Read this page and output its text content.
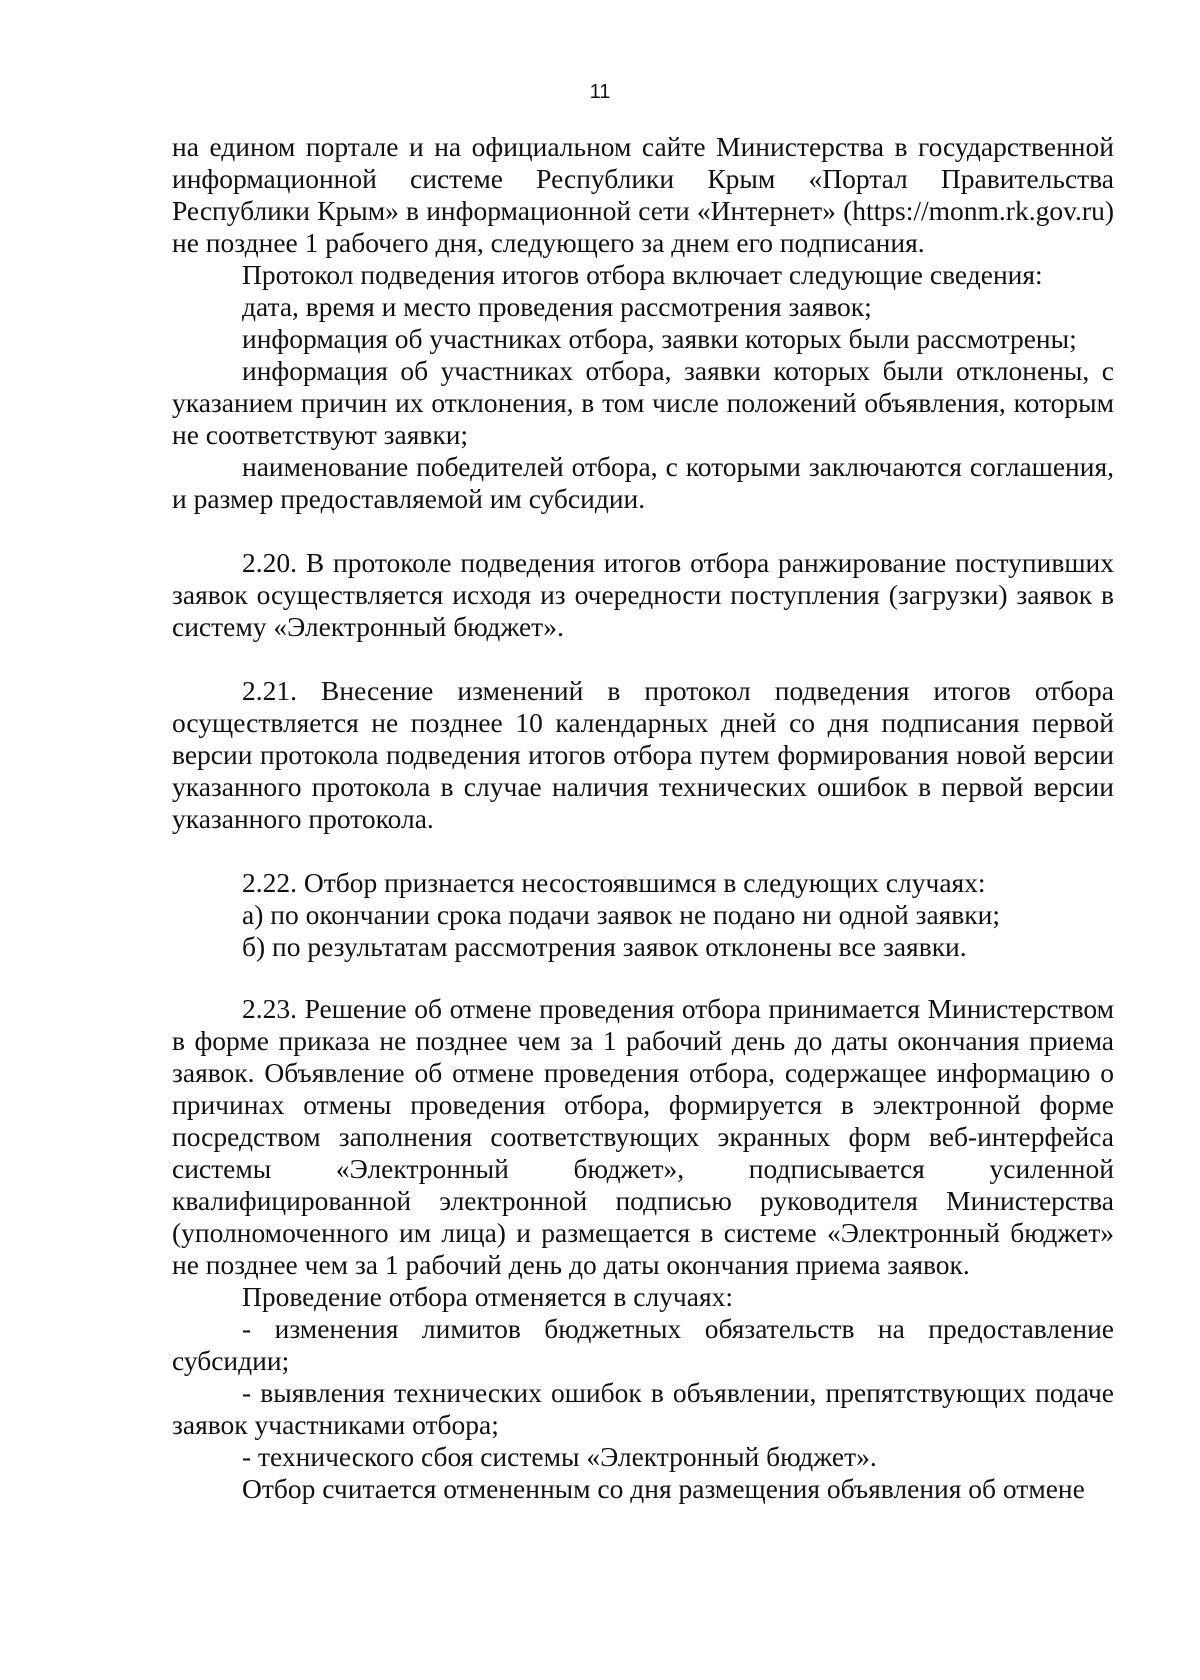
11

на едином портале и на официальном сайте Министерства в государственной информационной системе Республики Крым «Портал Правительства Республики Крым» в информационной сети «Интернет» (https://monm.rk.gov.ru) не позднее 1 рабочего дня, следующего за днем его подписания.

Протокол подведения итогов отбора включает следующие сведения:

дата, время и место проведения рассмотрения заявок;

информация об участниках отбора, заявки которых были рассмотрены;

информация об участниках отбора, заявки которых были отклонены, с указанием причин их отклонения, в том числе положений объявления, которым не соответствуют заявки;

наименование победителей отбора, с которыми заключаются соглашения, и размер предоставляемой им субсидии.

2.20. В протоколе подведения итогов отбора ранжирование поступивших заявок осуществляется исходя из очередности поступления (загрузки) заявок в систему «Электронный бюджет».

2.21. Внесение изменений в протокол подведения итогов отбора осуществляется не позднее 10 календарных дней со дня подписания первой версии протокола подведения итогов отбора путем формирования новой версии указанного протокола в случае наличия технических ошибок в первой версии указанного протокола.

2.22. Отбор признается несостоявшимся в следующих случаях:

а) по окончании срока подачи заявок не подано ни одной заявки;

б) по результатам рассмотрения заявок отклонены все заявки.

2.23. Решение об отмене проведения отбора принимается Министерством в форме приказа не позднее чем за 1 рабочий день до даты окончания приема заявок. Объявление об отмене проведения отбора, содержащее информацию о причинах отмены проведения отбора, формируется в электронной форме посредством заполнения соответствующих экранных форм веб-интерфейса системы «Электронный бюджет», подписывается усиленной квалифицированной электронной подписью руководителя Министерства (уполномоченного им лица) и размещается в системе «Электронный бюджет» не позднее чем за 1 рабочий день до даты окончания приема заявок.

Проведение отбора отменяется в случаях:

- изменения лимитов бюджетных обязательств на предоставление субсидии;

- выявления технических ошибок в объявлении, препятствующих подаче заявок участниками отбора;

- технического сбоя системы «Электронный бюджет».

Отбор считается отмененным со дня размещения объявления об отмене
